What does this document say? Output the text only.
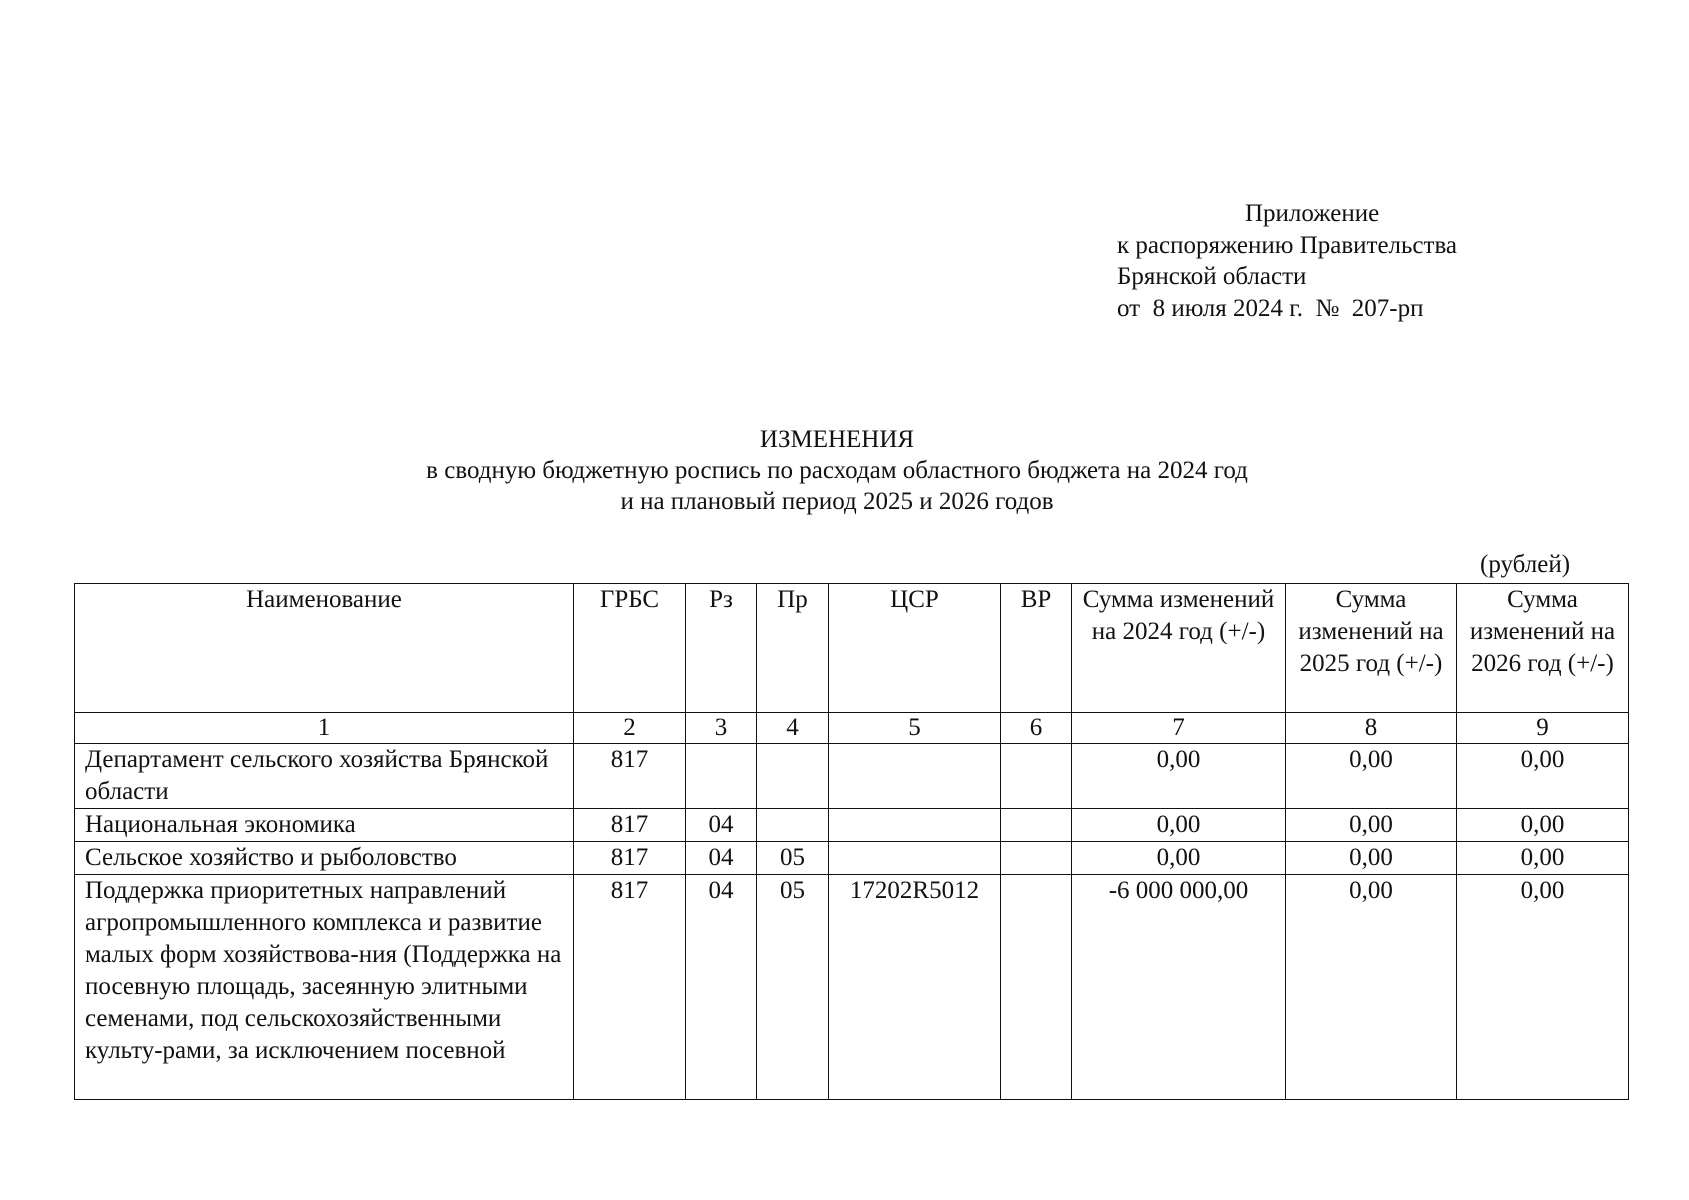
Приложение
к распоряжению Правительства
Брянской области
от  8 июля 2024 г.  №  207-рп
ИЗМЕНЕНИЯ
в сводную бюджетную роспись по расходам областного бюджета на 2024 год
и на плановый период 2025 и 2026 годов
(рублей)
Наименование	ГРБС	Рз	Пр	ЦСР	ВР	Сумма изменений на 2024 год (+/-)	Сумма изменений на 2025 год (+/-)	Сумма изменений на 2026 год (+/-)
1	2	3	4	5	6	7	8	9
Департамент сельского хозяйства Брянской области	817					0,00	0,00	0,00
Национальная экономика	817	04				0,00	0,00	0,00
Сельское хозяйство и рыболовство	817	04	05			0,00	0,00	0,00
Поддержка приоритетных направлений агропромышленного комплекса и развитие малых форм хозяйствова-ния (Поддержка на посевную площадь, засеянную элитными семенами, под сельскохозяйственными культу-рами, за исключением посевной	817	04	05	17202R5012		-6 000 000,00	0,00	0,00
